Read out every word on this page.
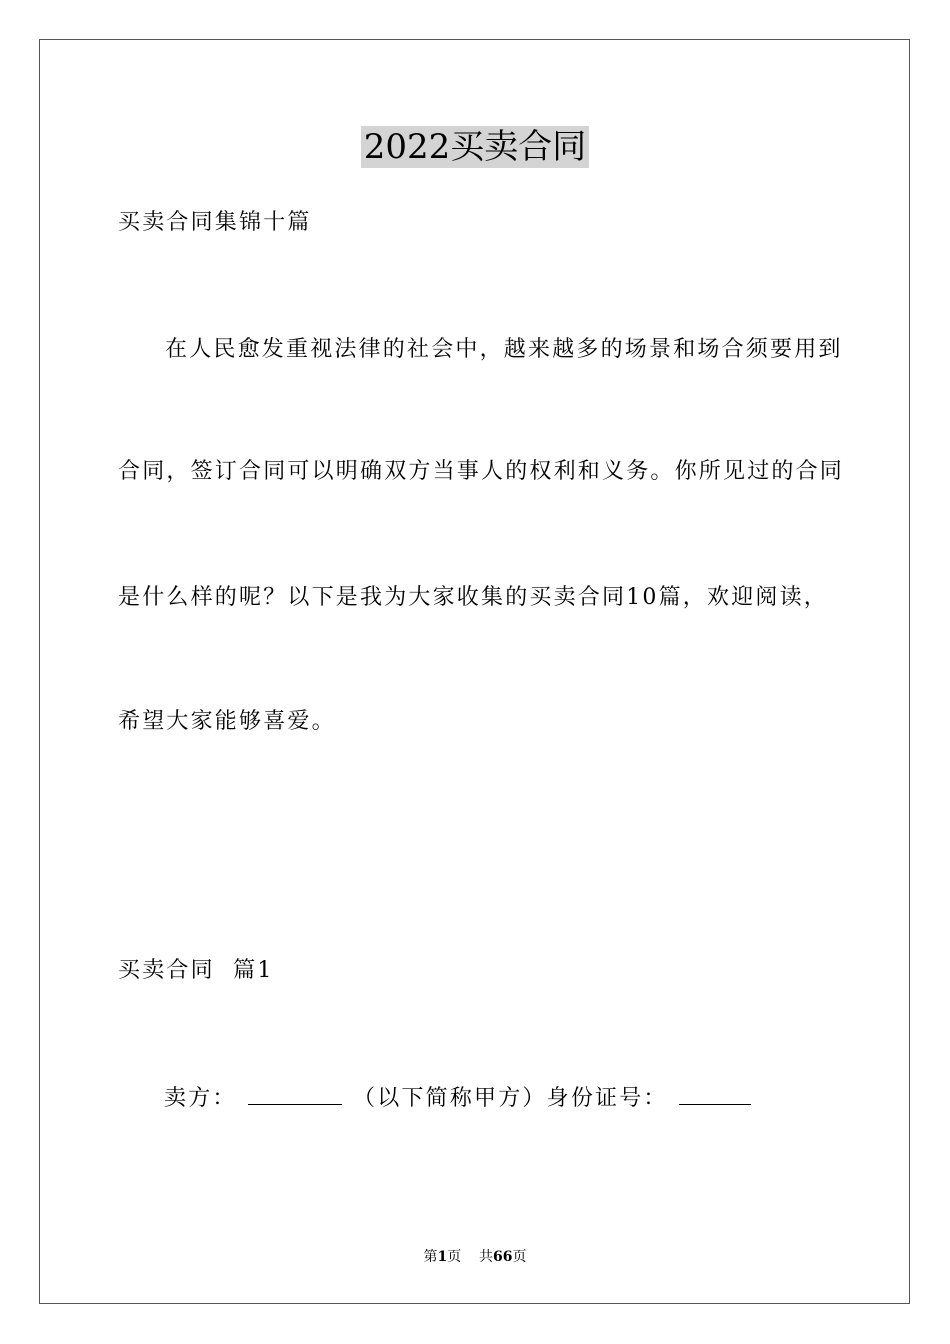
2022买卖合同
买卖合同集锦十篇
在人民愈发重视法律的社会中，越来越多的场景和场合须要用到
合同，签订合同可以明确双方当事人的权利和义务。你所见过的合同
是什么样的呢？以下是我为大家收集的买卖合同10篇，欢迎阅读，
希望大家能够喜爱。
买卖合同  篇1
卖方：	（以下简称甲方）身份证号：
第1页 共66页
